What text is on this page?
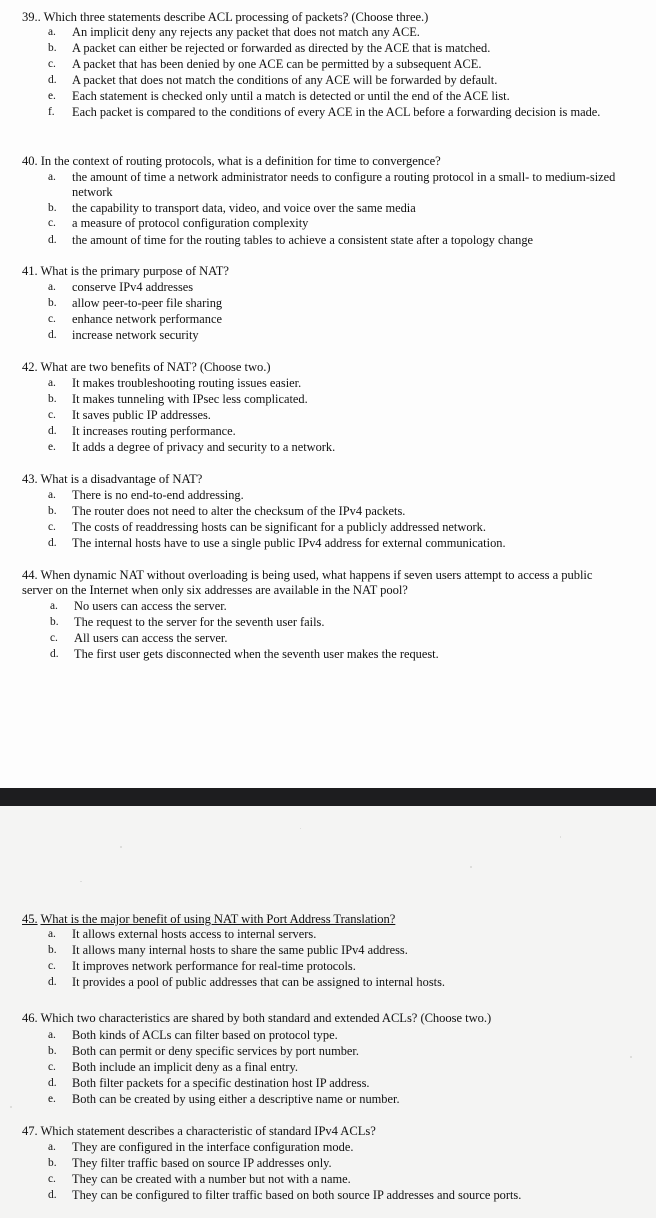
39.. Which three statements describe ACL processing of packets? (Choose three.)
a.	An implicit deny any rejects any packet that does not match any ACE.
b.	A packet can either be rejected or forwarded as directed by the ACE that is matched.
c.	A packet that has been denied by one ACE can be permitted by a subsequent ACE.
d.	A packet that does not match the conditions of any ACE will be forwarded by default.
e.	Each statement is checked only until a match is detected or until the end of the ACE list.
f.	Each packet is compared to the conditions of every ACE in the ACL before a forwarding decision is made.
40. In the context of routing protocols, what is a definition for time to convergence?
a.	the amount of time a network administrator needs to configure a routing protocol in a small- to medium-sized network
b.	the capability to transport data, video, and voice over the same media
c.	a measure of protocol configuration complexity
d.	the amount of time for the routing tables to achieve a consistent state after a topology change
41. What is the primary purpose of NAT?
a.	conserve IPv4 addresses
b.	allow peer-to-peer file sharing
c.	enhance network performance
d.	increase network security
42. What are two benefits of NAT? (Choose two.)
a.	It makes troubleshooting routing issues easier.
b.	It makes tunneling with IPsec less complicated.
c.	It saves public IP addresses.
d.	It increases routing performance.
e.	It adds a degree of privacy and security to a network.
43. What is a disadvantage of NAT?
a.	There is no end-to-end addressing.
b.	The router does not need to alter the checksum of the IPv4 packets.
c.	The costs of readdressing hosts can be significant for a publicly addressed network.
d.	The internal hosts have to use a single public IPv4 address for external communication.
44. When dynamic NAT without overloading is being used, what happens if seven users attempt to access a public server on the Internet when only six addresses are available in the NAT pool?
a.	No users can access the server.
b.	The request to the server for the seventh user fails.
c.	All users can access the server.
d.	The first user gets disconnected when the seventh user makes the request.
45. What is the major benefit of using NAT with Port Address Translation?
a.	It allows external hosts access to internal servers.
b.	It allows many internal hosts to share the same public IPv4 address.
c.	It improves network performance for real-time protocols.
d.	It provides a pool of public addresses that can be assigned to internal hosts.
46. Which two characteristics are shared by both standard and extended ACLs? (Choose two.)
a.	Both kinds of ACLs can filter based on protocol type.
b.	Both can permit or deny specific services by port number.
c.	Both include an implicit deny as a final entry.
d.	Both filter packets for a specific destination host IP address.
e.	Both can be created by using either a descriptive name or number.
47. Which statement describes a characteristic of standard IPv4 ACLs?
a.	They are configured in the interface configuration mode.
b.	They filter traffic based on source IP addresses only.
c.	They can be created with a number but not with a name.
d.	They can be configured to filter traffic based on both source IP addresses and source ports.
